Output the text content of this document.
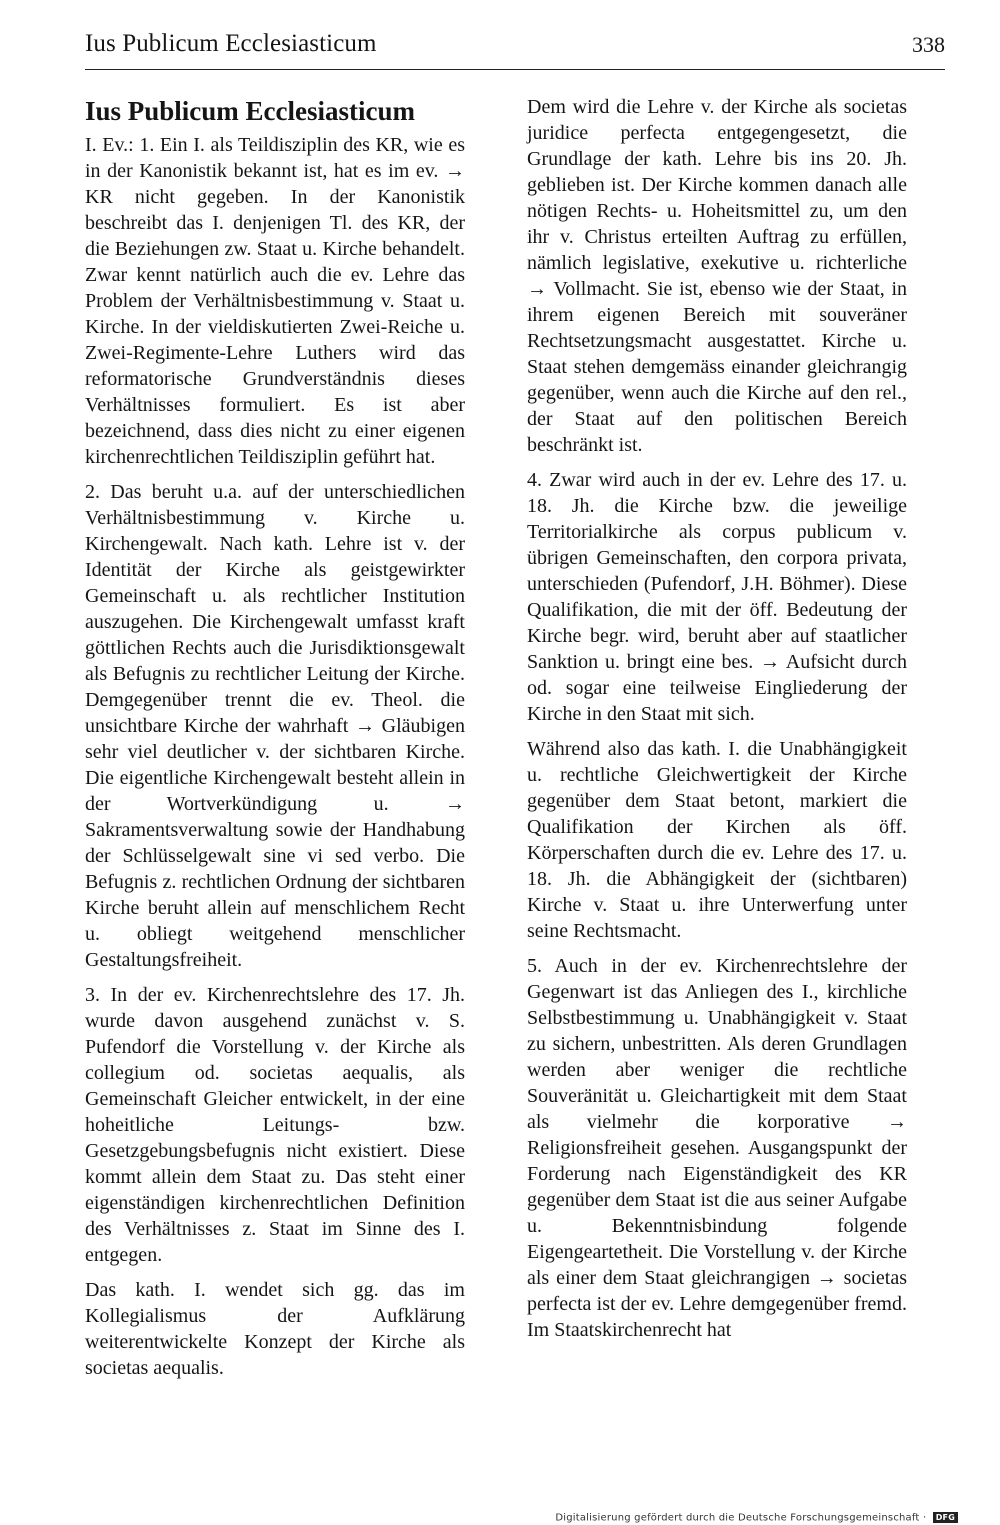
Ius Publicum Ecclesiasticum	338
Ius Publicum Ecclesiasticum

I. Ev.: 1. Ein I. als Teildisziplin des KR, wie es in der Kanonistik bekannt ist, hat es im ev. → KR nicht gegeben. In der Kanonistik beschreibt das I. denjenigen Tl. des KR, der die Beziehungen zw. Staat u. Kirche behandelt. Zwar kennt natürlich auch die ev. Lehre das Problem der Verhältnisbestimmung v. Staat u. Kirche. In der vieldiskutierten Zwei-Reiche u. Zwei-Regimente-Lehre Luthers wird das reformatorische Grundverständnis dieses Verhältnisses formuliert. Es ist aber bezeichnend, dass dies nicht zu einer eigenen kirchenrechtlichen Teildisziplin geführt hat.

2. Das beruht u.a. auf der unterschiedlichen Verhältnisbestimmung v. Kirche u. Kirchengewalt. Nach kath. Lehre ist v. der Identität der Kirche als geistgewirkter Gemeinschaft u. als rechtlicher Institution auszugehen. Die Kirchengewalt umfasst kraft göttlichen Rechts auch die Jurisdiktionsgewalt als Befugnis zu rechtlicher Leitung der Kirche. Demgegenüber trennt die ev. Theol. die unsichtbare Kirche der wahrhaft → Gläubigen sehr viel deutlicher v. der sichtbaren Kirche. Die eigentliche Kirchengewalt besteht allein in der Wortverkündigung u. → Sakramentsverwaltung sowie der Handhabung der Schlüsselgewalt sine vi sed verbo. Die Befugnis z. rechtlichen Ordnung der sichtbaren Kirche beruht allein auf menschlichem Recht u. obliegt weitgehend menschlicher Gestaltungsfreiheit.

3. In der ev. Kirchenrechtslehre des 17. Jh. wurde davon ausgehend zunächst v. S. Pufendorf die Vorstellung v. der Kirche als collegium od. societas aequalis, als Gemeinschaft Gleicher entwickelt, in der eine hoheitliche Leitungs- bzw. Gesetzgebungsbefugnis nicht existiert. Diese kommt allein dem Staat zu. Das steht einer eigenständigen kirchenrechtlichen Definition des Verhältnisses z. Staat im Sinne des I. entgegen.

Das kath. I. wendet sich gg. das im Kollegialismus der Aufklärung weiterentwickelte Konzept der Kirche als societas aequalis.

Dem wird die Lehre v. der Kirche als societas juridice perfecta entgegengesetzt, die Grundlage der kath. Lehre bis ins 20. Jh. geblieben ist. Der Kirche kommen danach alle nötigen Rechts- u. Hoheitsmittel zu, um den ihr v. Christus erteilten Auftrag zu erfüllen, nämlich legislative, exekutive u. richterliche → Vollmacht. Sie ist, ebenso wie der Staat, in ihrem eigenen Bereich mit souveräner Rechtsetzungsmacht ausgestattet. Kirche u. Staat stehen demgemäss einander gleichrangig gegenüber, wenn auch die Kirche auf den rel., der Staat auf den politischen Bereich beschränkt ist.

4. Zwar wird auch in der ev. Lehre des 17. u. 18. Jh. die Kirche bzw. die jeweilige Territorialkirche als corpus publicum v. übrigen Gemeinschaften, den corpora privata, unterschieden (Pufendorf, J.H. Böhmer). Diese Qualifikation, die mit der öff. Bedeutung der Kirche begr. wird, beruht aber auf staatlicher Sanktion u. bringt eine bes. → Aufsicht durch od. sogar eine teilweise Eingliederung der Kirche in den Staat mit sich.

Während also das kath. I. die Unabhängigkeit u. rechtliche Gleichwertigkeit der Kirche gegenüber dem Staat betont, markiert die Qualifikation der Kirchen als öff. Körperschaften durch die ev. Lehre des 17. u. 18. Jh. die Abhängigkeit der (sichtbaren) Kirche v. Staat u. ihre Unterwerfung unter seine Rechtsmacht.

5. Auch in der ev. Kirchenrechtslehre der Gegenwart ist das Anliegen des I., kirchliche Selbstbestimmung u. Unabhängigkeit v. Staat zu sichern, unbestritten. Als deren Grundlagen werden aber weniger die rechtliche Souveränität u. Gleichartigkeit mit dem Staat als vielmehr die korporative → Religionsfreiheit gesehen. Ausgangspunkt der Forderung nach Eigenständigkeit des KR gegenüber dem Staat ist die aus seiner Aufgabe u. Bekenntnisbindung folgende Eigengeartetheit. Die Vorstellung v. der Kirche als einer dem Staat gleichrangigen → societas perfecta ist der ev. Lehre demgegenüber fremd. Im Staatskirchenrecht hat

Digitalisierung gefördert durch die Deutsche Forschungsgemeinschaft · DFG
